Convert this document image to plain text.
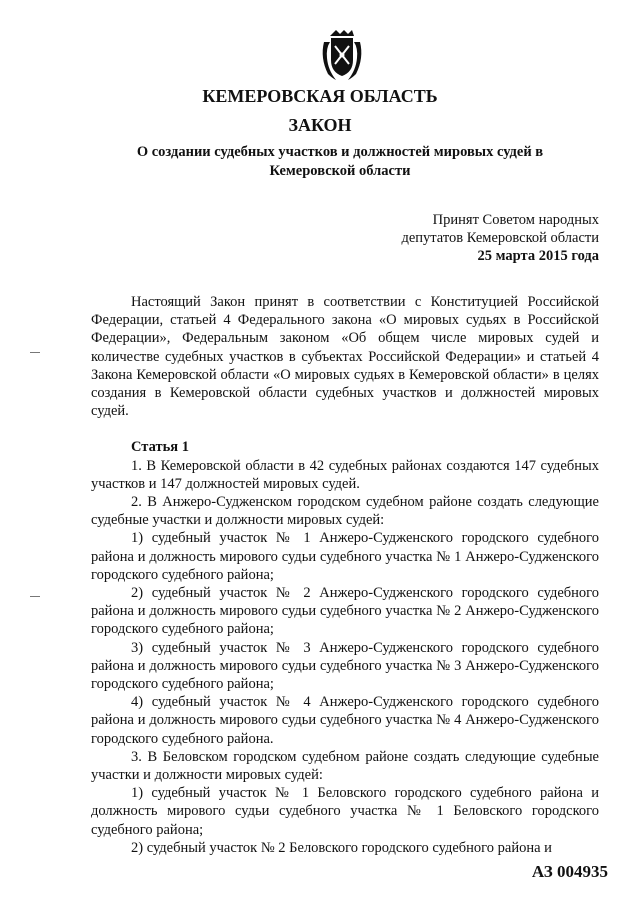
КЕМЕРОВСКАЯ ОБЛАСТЬ
ЗАКОН
О создании судебных участков и должностей мировых судей в Кемеровской области
Принят Советом народных
депутатов Кемеровской области
25 марта 2015 года

Настоящий Закон принят в соответствии с Конституцией Российской Федерации, статьей 4 Федерального закона «О мировых судьях в Российской Федерации», Федеральным законом «Об общем числе мировых судей и количестве судебных участков в субъектах Российской Федерации» и статьей 4 Закона Кемеровской области «О мировых судьях в Кемеровской области» в целях создания в Кемеровской области судебных участков и должностей мировых судей.

Статья 1

1. В Кемеровской области в 42 судебных районах создаются 147 судебных участков и 147 должностей мировых судей.

2. В Анжеро-Судженском городском судебном районе создать следующие судебные участки и должности мировых судей:

1) судебный участок № 1 Анжеро-Судженского городского судебного района и должность мирового судьи судебного участка № 1 Анжеро-Судженского городского судебного района;

2) судебный участок № 2 Анжеро-Судженского городского судебного района и должность мирового судьи судебного участка № 2 Анжеро-Судженского городского судебного района;

3) судебный участок № 3 Анжеро-Судженского городского судебного района и должность мирового судьи судебного участка № 3 Анжеро-Судженского городского судебного района;

4) судебный участок № 4 Анжеро-Судженского городского судебного района и должность мирового судьи судебного участка № 4 Анжеро-Судженского городского судебного района.

3. В Беловском городском судебном районе создать следующие судебные участки и должности мировых судей:

1) судебный участок № 1 Беловского городского судебного района и должность мирового судьи судебного участка № 1 Беловского городского судебного района;

2) судебный участок № 2 Беловского городского судебного района и

АЗ 004935
